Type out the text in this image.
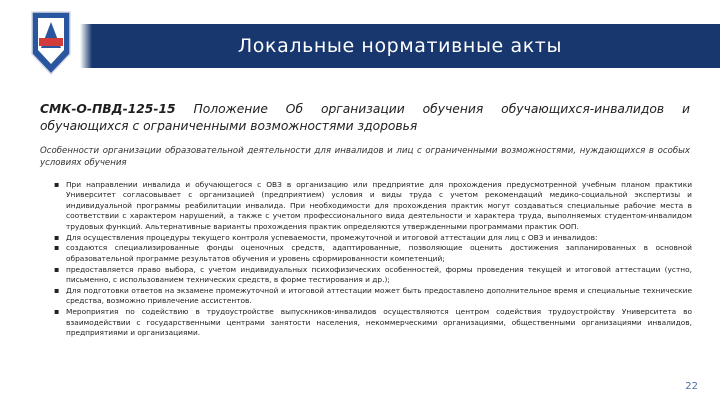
Локальные нормативные акты
СМК-О-ПВД-125-15 Положение Об организации обучения обучающихся-инвалидов и обучающихся с ограниченными возможностями здоровья
Особенности организации образовательной деятельности для инвалидов и лиц с ограниченными возможностями, нуждающихся в особых условиях обучения
▪ При направлении инвалида и обучающегося с ОВЗ в организацию или предприятие для прохождения предусмотренной учебным планом практики Университет согласовывает с организацией (предприятием) условия и виды труда с учетом рекомендаций медико-социальной экспертизы и индивидуальной программы реабилитации инвалида. При необходимости для прохождения практик могут создаваться специальные рабочие места в соответствии с характером нарушений, а также с учетом профессионального вида деятельности и характера труда, выполняемых студентом-инвалидом трудовых функций. Альтернативные варианты прохождения практик определяются утвержденными программами практик ООП.
▪ Для осуществления процедуры текущего контроля успеваемости, промежуточной и итоговой аттестации для лиц с ОВЗ и инвалидов:
▪ создаются специализированные фонды оценочных средств, адаптированные, позволяющие оценить достижения запланированных в основной образовательной программе результатов обучения и уровень сформированности компетенций;
▪ предоставляется право выбора, с учетом индивидуальных психофизических особенностей, формы проведения текущей и итоговой аттестации (устно, письменно, с использованием технических средств, в форме тестирования и др.);
▪ Для подготовки ответов на экзамене промежуточной и итоговой аттестации может быть предоставлено дополнительное время и специальные технические средства, возможно привлечение ассистентов.
▪ Мероприятия по содействию в трудоустройстве выпускников-инвалидов осуществляются центром содействия трудоустройству Университета во взаимодействии с государственными центрами занятости населения, некоммерческими организациями, общественными организациями инвалидов, предприятиями и организациями.
22
